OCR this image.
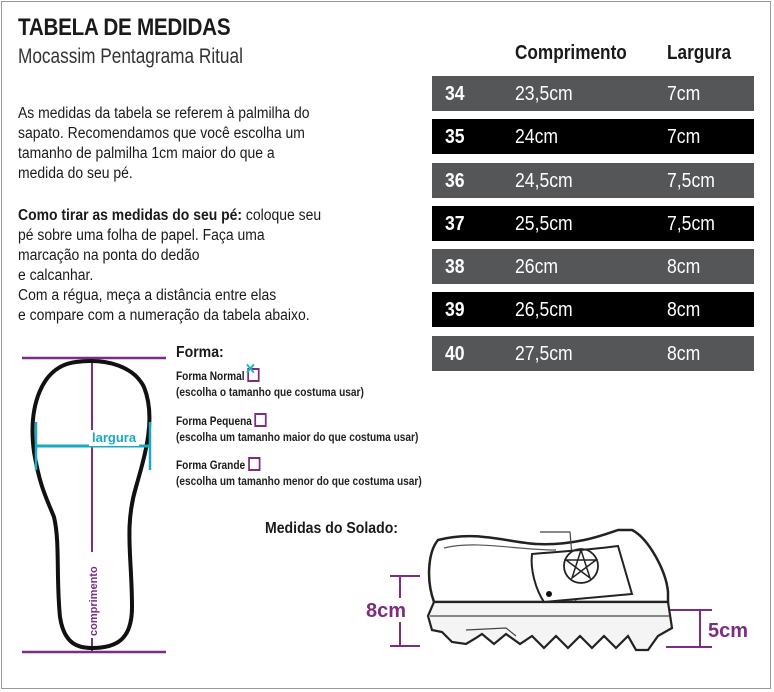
TABELA DE MEDIDAS
Mocassim Pentagrama Ritual	Comprimento Largura
34	23,5cm	7cm
35	24cm	7cm
36	24,5cm	7,5cm
37	25,5cm	7,5cm
38	26cm	8cm
39	26,5cm	8cm
40	27,5cm	8cm
As medidas da tabela se referem à palmilha do
sapato. Recomendamos que você escolha um
tamanho de palmilha 1cm maior do que a
medida do seu pé.
Como tirar as medidas do seu pé: coloque seu
pé sobre uma folha de papel. Faça uma
marcação na ponta do dedão
e calcanhar.
Com a régua, meça a distância entre elas
e compare com a numeração da tabela abaixo.
largura
comprimento
Forma:
Forma Normal×
(escolha o tamanho que costuma usar)
Forma Pequena
(escolha um tamanho maior do que costuma usar)
Forma Grande
(escolha um tamanho menor do que costuma usar)
Medidas do Solado:
8cm
5cm
